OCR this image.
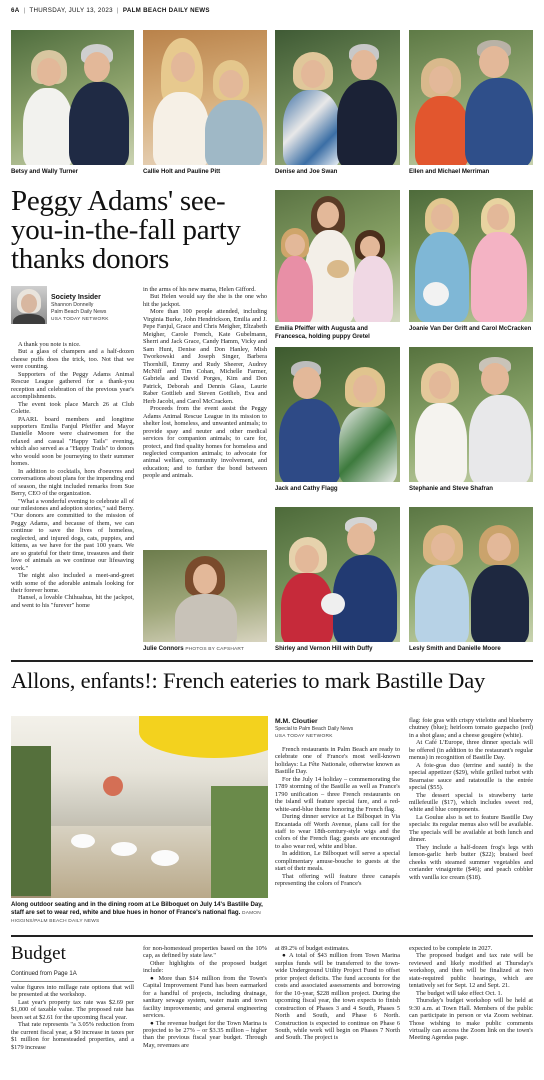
6A | THURSDAY, JULY 13, 2023 | PALM BEACH DAILY NEWS
Betsy and Wally Turner	Callie Holt and Pauline Pitt	Denise and Joe Swan	Ellen and Michael Merriman
Peggy Adams' see-you-in-the-fall party thanks donors
Society Insider
Shannon Donnelly
Palm Beach Daily News
USA TODAY NETWORK

A thank you note is nice.

But a glass of champers and a half-dozen cheese puffs does the trick, too. Not that we were counting.

Supporters of the Peggy Adams Animal Rescue League gathered for a thank-you reception and celebration of the previous year's accomplishments.

The event took place March 26 at Club Colette.

PAARL board members and longtime supporters Emilia Fanjul Pfeiffer and Mayor Danielle Moore were chairwomen for the relaxed and casual "Happy Tails" evening, which also served as a "Happy Trails" to donors who would soon be journeying to their summer homes.

In addition to cocktails, hors d'oeuvres and conversations about plans for the impending end of season, the night included remarks from Sue Berry, CEO of the organization.

"What a wonderful evening to celebrate all of our milestones and adoption stories," said Berry. "Our donors are committed to the mission of Peggy Adams, and because of them, we can continue to save the lives of homeless, neglected, and injured dogs, cats, puppies, and kittens, as we have for the past 100 years. We are so grateful for their time, treasures and their love of animals as we continue our lifesaving work."

The night also included a meet-and-greet with some of the adorable animals looking for their forever home.

Hansel, a lovable Chihuahua, hit the jackpot, and went to his "furever" home

in the arms of his new mama, Helen Gifford.

But Helen would say the she is the one who hit the jackpot.

More than 100 people attended, including Virginia Burke, John Hendrickson, Emilia and J. Pepe Fanjul, Grace and Chris Meigher, Elizabeth Meigher, Carole French, Kate Gubelmann, Sherri and Jack Grace, Candy Hamm, Vicky and Sam Hunt, Denise and Don Hanley, Mish Tworkowski and Joseph Singer, Barbera Thornhill, Emmy and Rudy Sheerer, Audrey McNiff and Tim Cohan, Michelle Farmer, Gabriela and David Porges, Kim and Don Patrick, Deborah and Dennis Glass, Laurie Raber Gottlieb and Steven Gottlieb, Eva and Herb Jacobi, and Carol McCracken.

Proceeds from the event assist the Peggy Adams Animal Rescue League in its mission to shelter lost, homeless, and unwanted animals; to provide spay and neuter and other medical services for companion animals; to care for, protect, and find quality homes for homeless and neglected companion animals; to advocate for animal welfare, community involvement, and education; and to further the bond between people and animals.

Emilia Pfeiffer with Augusta and Francesca, holding puppy Gretel
Joanie Van Der Grift and Carol McCracken
Jack and Cathy Flagg	Stephanie and Steve Shafran
Julie Connors PHOTOS BY CAPSHART	Shirley and Vernon Hill with Duffy	Lesly Smith and Danielle Moore
Allons, enfants!: French eateries to mark Bastille Day
Along outdoor seating and in the dining room at Le Bilboquet on July 14's Bastille Day, staff are set to wear red, white and blue hues in honor of France's national flag. DAMON HIGGINS/PALM BEACH DAILY NEWS
M.M. Cloutier
Special to Palm Beach Daily News
USA TODAY NETWORK

French restaurants in Palm Beach are ready to celebrate one of France's most well-known holidays: La Fête Nationale, otherwise known as Bastille Day.

For the July 14 holiday – commemorating the 1789 storming of the Bastille as well as France's 1790 unification – three French restaurants on the island will feature special fare, and a red-white-and-blue theme honoring the French flag.

During dinner service at Le Bilboquet in Via Encantada off Worth Avenue, plans call for the staff to wear 18th-century-style wigs and the colors of the French flag; guests are encouraged to also wear red, white and blue.

In addition, Le Bilboquet will serve a special complimentary amuse-bouche to guests at the start of their meals.

That offering will feature three canapés representing the colors of France's

flag: foie gras with crispy vitelotte and blueberry chutney (blue); heirloom tomato gazpacho (red) in a shot glass; and a cheese gougère (white).

At Café L'Europe, three dinner specials will be offered (in addition to the restaurant's regular menus) in recognition of Bastille Day.

A foie-gras duo (terrine and sauté) is the special appetizer ($29), while grilled turbot with Bearnaise sauce and ratatouille is the entrée special ($55).

The dessert special is strawberry tarte millefeuille ($17), which includes sweet red, white and blue components.

La Goulue also is set to feature Bastille Day specials: its regular menus also will be available. The specials will be available at both lunch and dinner.

They include a half-dozen frog's legs with lemon-garlic herb butter ($22); braised beef cheeks with steamed summer vegetables and coriander vinaigrette ($46); and peach cobbler with vanilla ice cream ($18).

Budget
Continued from Page 1A

value figures into millage rate options that will be presented at the workshop.

Last year's property tax rate was $2.69 per $1,000 of taxable value. The proposed rate has been set at $2.61 for the upcoming fiscal year.

That rate represents "a 3.05% reduction from the current fiscal year, a $0 increase in taxes per $1 million for homesteaded properties, and a $179 increase

for non-homestead properties based on the 10% cap, as defined by state law."

Other highlights of the proposed budget include:

● More than $14 million from the Town's Capital Improvement Fund has been earmarked for a handful of projects, including drainage, sanitary sewage system, water main and town facility improvements; and general engineering services.

● The revenue budget for the Town Marina is projected to be 27% – or $3.35 million – higher than the previous fiscal year budget. Through May, revenues are

at 89.2% of budget estimates.

● A total of $43 million from Town Marina surplus funds will be transferred to the town-wide Underground Utility Project Fund to offset prior project deficits. The fund accounts for the costs and associated assessments and borrowing for the 10-year, $228 million project. During the upcoming fiscal year, the town expects to finish construction of Phases 3 and 4 South, Phases 5 North and South, and Phase 6 North. Construction is expected to continue on Phase 6 South, while work will begin on Phases 7 North and South. The project is

expected to be complete in 2027.

The proposed budget and tax rate will be reviewed and likely modified at Thursday's workshop, and then will be finalized at two state-required public hearings, which are tentatively set for Sept. 12 and Sept. 21.

The budget will take effect Oct. 1.

Thursday's budget workshop will be held at 9:30 a.m. at Town Hall. Members of the public can participate in person or via Zoom webinar. Those wishing to make public comments virtually can access the Zoom link on the town's Meeting Agendas page.
